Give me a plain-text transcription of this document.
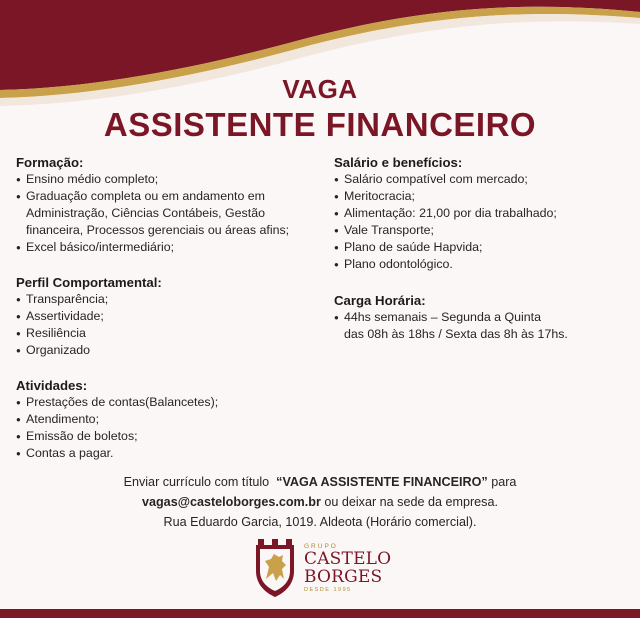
VAGA
ASSISTENTE FINANCEIRO
Formação:
● Ensino médio completo;
● Graduação completa ou em andamento em
Administração, Ciências Contábeis, Gestão
financeira, Processos gerenciais ou áreas afins;
● Excel básico/intermediário;
Perfil Comportamental:
● Transparência;
● Assertividade;
● Resiliência
● Organizado
Atividades:
● Prestações de contas(Balancetes);
● Atendimento;
● Emissão de boletos;
● Contas a pagar.
Salário e benefícios:
● Salário compatível com mercado;
● Meritocracia;
● Alimentação: 21,00 por dia trabalhado;
● Vale Transporte;
● Plano de saúde Hapvida;
● Plano odontológico.
Carga Horária:
● 44hs semanais – Segunda a Quinta
das 08h às 18hs / Sexta das 8h às 17hs.
Enviar currículo com título “VAGA ASSISTENTE FINANCEIRO” para
vagas@casteloborges.com.br ou deixar na sede da empresa.
Rua Eduardo Garcia, 1019. Aldeota (Horário comercial).
GRUPO
CASTELO
BORGES
DESDE 1995
